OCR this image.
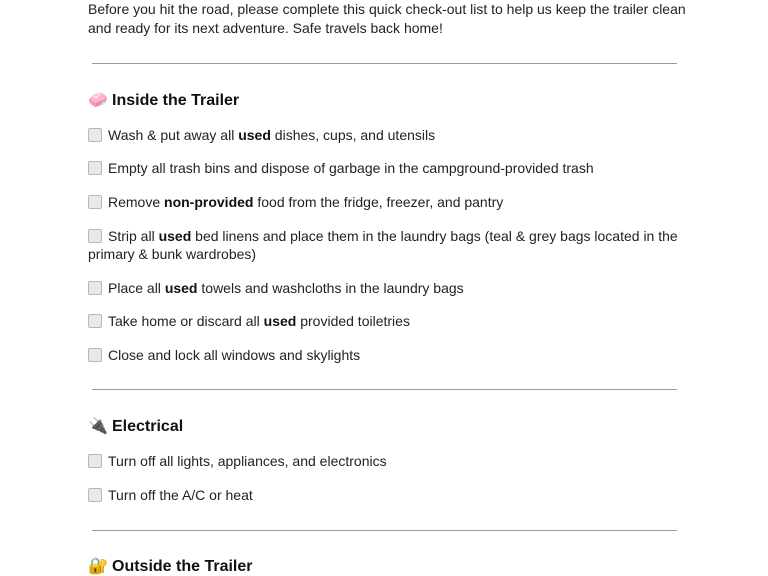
Before you hit the road, please complete this quick check-out list to help us keep the trailer clean and ready for its next adventure. Safe travels back home!
🧼 Inside the Trailer
Wash & put away all used dishes, cups, and utensils
Empty all trash bins and dispose of garbage in the campground-provided trash
Remove non-provided food from the fridge, freezer, and pantry
Strip all used bed linens and place them in the laundry bags (teal & grey bags located in the primary & bunk wardrobes)
Place all used towels and washcloths in the laundry bags
Take home or discard all used provided toiletries
Close and lock all windows and skylights
🔌 Electrical
Turn off all lights, appliances, and electronics
Turn off the A/C or heat
🔐 Outside the Trailer
